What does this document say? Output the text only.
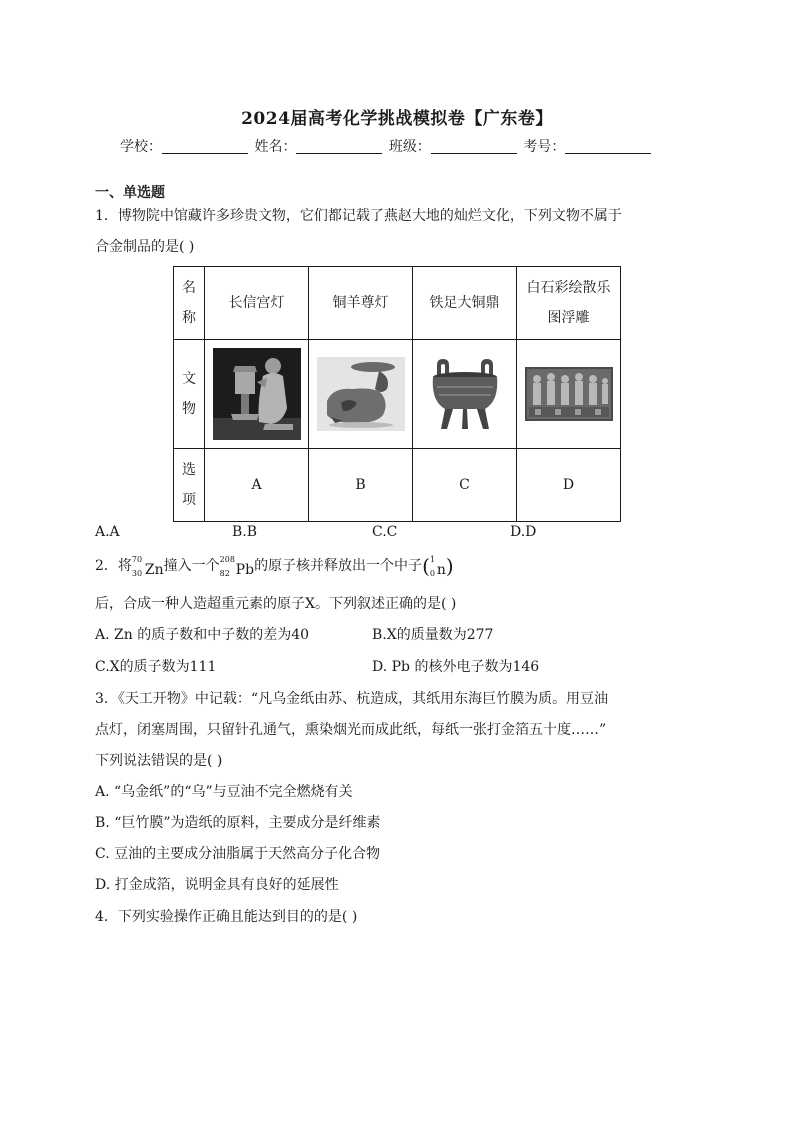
2024届高考化学挑战模拟卷【广东卷】
学校：	姓名：	班级：	考号：
一、单选题
1．博物院中馆藏许多珍贵文物，它们都记载了燕赵大地的灿烂文化，下列文物不属于
合金制品的是( )
名称	长信宫灯	铜羊尊灯	铁足大铜鼎	白石彩绘散乐图浮雕
文物				
选项	A	B	C	D
A.A	B.B	C.C	D.D
2．将 70
30 Zn撞入一个 208
82 Pb的原子核并释放出一个中子( 1
0 n)
后，合成一种人造超重元素的原子X。下列叙述正确的是( )
A. Zn 的质子数和中子数的差为40	B.X的质量数为277
C.X的质子数为111	D. Pb 的核外电子数为146
3．《天工开物》中记载：“凡乌金纸由苏、杭造成，其纸用东海巨竹膜为质。用豆油
点灯，闭塞周围，只留针孔通气，熏染烟光而成此纸，每纸一张打金箔五十度……”
下列说法错误的是( )
A. “乌金纸”的“乌”与豆油不完全燃烧有关
B. “巨竹膜”为造纸的原料，主要成分是纤维素
C. 豆油的主要成分油脂属于天然高分子化合物
D. 打金成箔，说明金具有良好的延展性
4．下列实验操作正确且能达到目的的是( )
